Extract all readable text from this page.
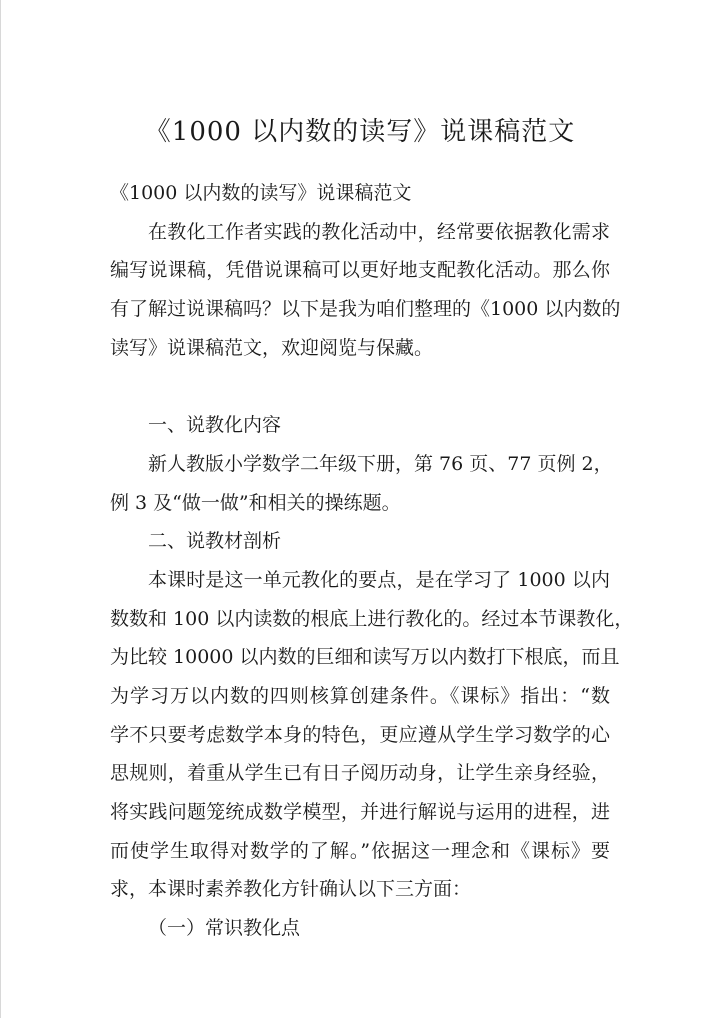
《1000 以内数的读写》说课稿范文
《1000 以内数的读写》说课稿范文
在教化工作者实践的教化活动中，经常要依据教化需求
编写说课稿，凭借说课稿可以更好地支配教化活动。那么你
有了解过说课稿吗？以下是我为咱们整理的《1000 以内数的
读写》说课稿范文，欢迎阅览与保藏。
一、说教化内容
新人教版小学数学二年级下册，第 76 页、77 页例 2，
例 3 及“做一做”和相关的操练题。
二、说教材剖析
本课时是这一单元教化的要点，是在学习了 1000 以内
数数和 100 以内读数的根底上进行教化的。经过本节课教化，
为比较 10000 以内数的巨细和读写万以内数打下根底，而且
为学习万以内数的四则核算创建条件。《课标》指出：“数
学不只要考虑数学本身的特色，更应遵从学生学习数学的心
思规则，着重从学生已有日子阅历动身，让学生亲身经验，
将实践问题笼统成数学模型，并进行解说与运用的进程，进
而使学生取得对数学的了解。”依据这一理念和《课标》要
求，本课时素养教化方针确认以下三方面：
（一）常识教化点
